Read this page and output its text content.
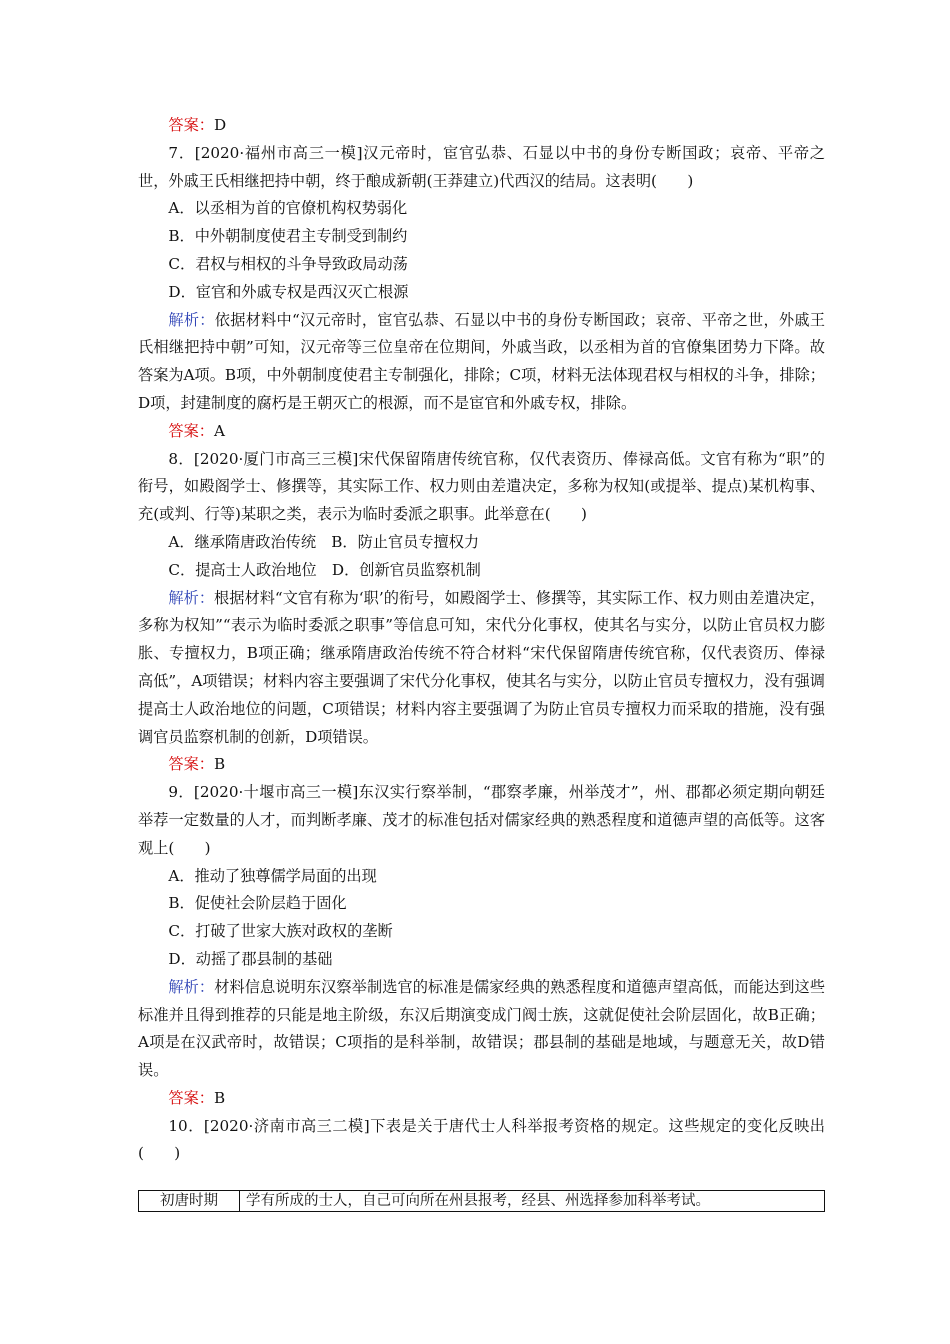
答案：D

7．[2020·福州市高三一模]汉元帝时，宦官弘恭、石显以中书的身份专断国政；哀帝、平帝之世，外戚王氏相继把持中朝，终于酿成新朝(王莽建立)代西汉的结局。这表明(　　)

A．以丞相为首的官僚机构权势弱化

B．中外朝制度使君主专制受到制约

C．君权与相权的斗争导致政局动荡

D．宦官和外戚专权是西汉灭亡根源

解析：依据材料中“汉元帝时，宦官弘恭、石显以中书的身份专断国政；哀帝、平帝之世，外戚王氏相继把持中朝”可知，汉元帝等三位皇帝在位期间，外戚当政，以丞相为首的官僚集团势力下降。故答案为A项。B项，中外朝制度使君主专制强化，排除；C项，材料无法体现君权与相权的斗争，排除；D项，封建制度的腐朽是王朝灭亡的根源，而不是宦官和外戚专权，排除。

答案：A

8．[2020·厦门市高三三模]宋代保留隋唐传统官称，仅代表资历、俸禄高低。文官有称为“职”的衔号，如殿阁学士、修撰等，其实际工作、权力则由差遣决定，多称为权知(或提举、提点)某机构事、充(或判、行等)某职之类，表示为临时委派之职事。此举意在(　　)

A．继承隋唐政治传统　B．防止官员专擅权力

C．提高士人政治地位　D．创新官员监察机制

解析：根据材料“文官有称为‘职’的衔号，如殿阁学士、修撰等，其实际工作、权力则由差遣决定，多称为权知”“表示为临时委派之职事”等信息可知，宋代分化事权，使其名与实分，以防止官员权力膨胀、专擅权力，B项正确；继承隋唐政治传统不符合材料“宋代保留隋唐传统官称，仅代表资历、俸禄高低”，A项错误；材料内容主要强调了宋代分化事权，使其名与实分，以防止官员专擅权力，没有强调提高士人政治地位的问题，C项错误；材料内容主要强调了为防止官员专擅权力而采取的措施，没有强调官员监察机制的创新，D项错误。

答案：B

9．[2020·十堰市高三一模]东汉实行察举制，“郡察孝廉，州举茂才”，州、郡都必须定期向朝廷举荐一定数量的人才，而判断孝廉、茂才的标准包括对儒家经典的熟悉程度和道德声望的高低等。这客观上(　　)

A．推动了独尊儒学局面的出现

B．促使社会阶层趋于固化

C．打破了世家大族对政权的垄断

D．动摇了郡县制的基础

解析：材料信息说明东汉察举制选官的标准是儒家经典的熟悉程度和道德声望高低，而能达到这些标准并且得到推荐的只能是地主阶级，东汉后期演变成门阀士族，这就促使社会阶层固化，故B正确；A项是在汉武帝时，故错误；C项指的是科举制，故错误；郡县制的基础是地域，与题意无关，故D错误。

答案：B

10．[2020·济南市高三二模]下表是关于唐代士人科举报考资格的规定。这些规定的变化反映出(　　)

初唐时期	学有所成的士人，自己可向所在州县报考，经县、州选择参加科举考试。
